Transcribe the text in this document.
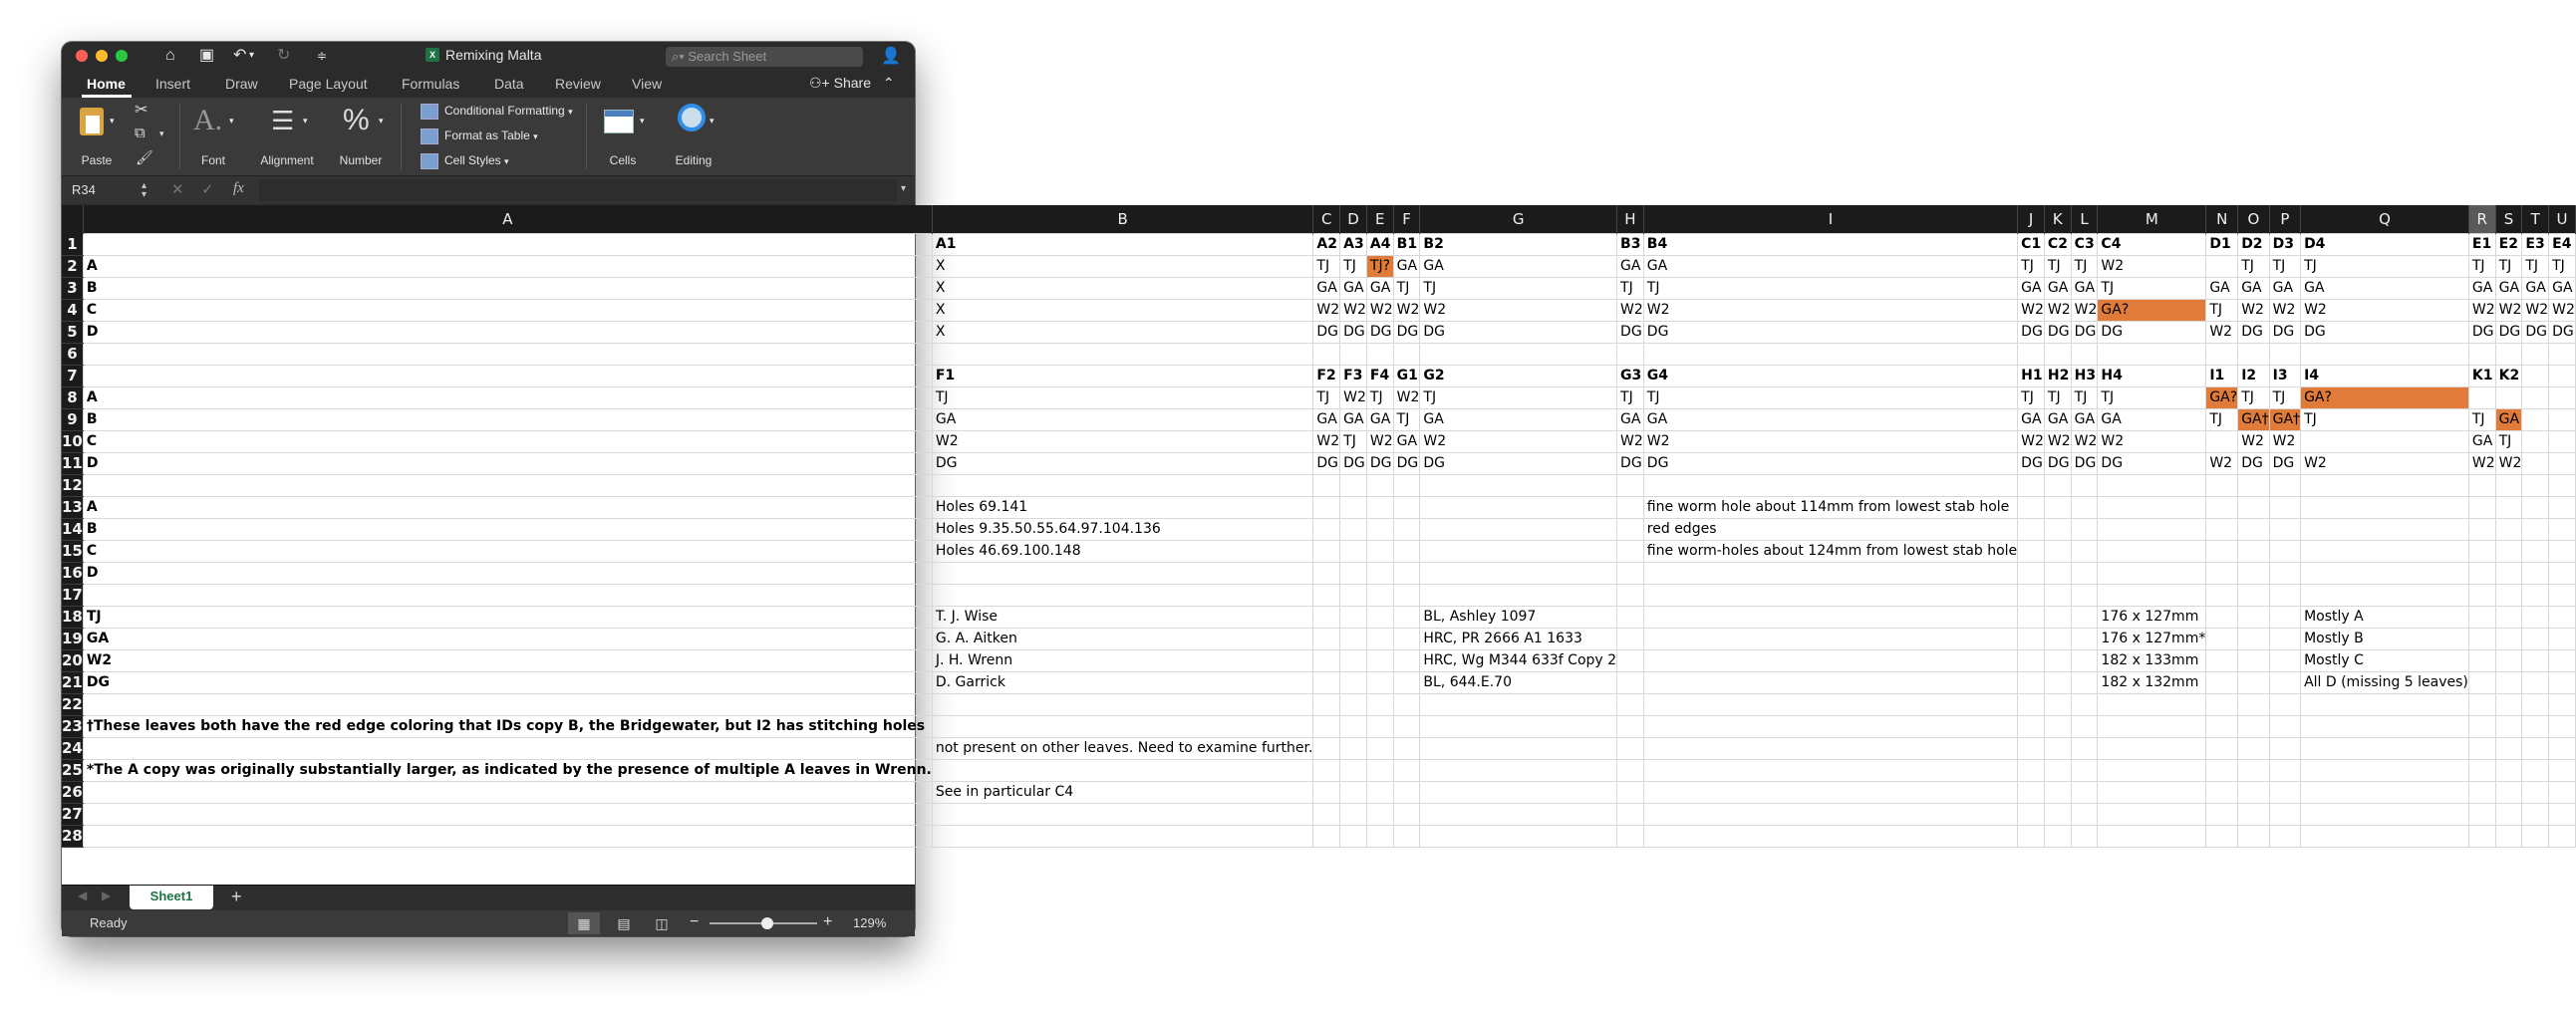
⌂ ▣ ↶ ▾ ↻ ≑	X Remixing Malta	⌕▾ Search Sheet	👤
Home Insert Draw Page Layout Formulas Data Review View	⚇+ Share ⌃
▾
Paste
✂
⧉ ▾
🖌
A. ▾
Font
☰ ▾
Alignment
% ▾
Number
Conditional Formatting ▾
Format as Table ▾
Cell Styles ▾
▾
Cells
▾
Editing
R34	▴
▾ ✕ ✓ fx	▾
	A	B	C	D	E	F	G	H	I	J	K	L	M	N	O	P	Q	R	S	T	U
1		A1	A2	A3	A4	B1	B2	B3	B4	C1	C2	C3	C4	D1	D2	D3	D4	E1	E2	E3	E4
2	A	X	TJ	TJ	TJ?	GA	GA	GA	GA	TJ	TJ	TJ	W2		TJ	TJ	TJ	TJ	TJ	TJ	TJ
3	B	X	GA	GA	GA	TJ	TJ	TJ	TJ	GA	GA	GA	TJ	GA	GA	GA	GA	GA	GA	GA	GA
4	C	X	W2	W2	W2	W2	W2	W2	W2	W2	W2	W2	GA?	TJ	W2	W2	W2	W2	W2	W2	W2
5	D	X	DG	DG	DG	DG	DG	DG	DG	DG	DG	DG	DG	W2	DG	DG	DG	DG	DG	DG	DG
6																					
7		F1	F2	F3	F4	G1	G2	G3	G4	H1	H2	H3	H4	I1	I2	I3	I4	K1	K2		
8	A	TJ	TJ	W2	TJ	W2	TJ	TJ	TJ	TJ	TJ	TJ	TJ	GA?	TJ	TJ	GA?				
9	B	GA	GA	GA	GA	TJ	GA	GA	GA	GA	GA	GA	GA	TJ	GA†	GA†	TJ	TJ	GA		
10	C	W2	W2	TJ	W2	GA	W2	W2	W2	W2	W2	W2	W2		W2	W2		GA	TJ		
11	D	DG	DG	DG	DG	DG	DG	DG	DG	DG	DG	DG	DG	W2	DG	DG	W2	W2	W2		
12																					
13	A	Holes 69.141							fine worm hole about 114mm from lowest stab hole												
14	B	Holes 9.35.50.55.64.97.104.136							red edges												
15	C	Holes 46.69.100.148							fine worm-holes about 124mm from lowest stab hole												
16	D																				
17																					
18	TJ	T. J. Wise					BL, Ashley 1097						176 x 127mm				Mostly A				
19	GA	G. A. Aitken					HRC, PR 2666 A1 1633						176 x 127mm*				Mostly B				
20	W2	J. H. Wrenn					HRC, Wg M344 633f Copy 2						182 x 133mm				Mostly C				
21	DG	D. Garrick					BL, 644.E.70						182 x 132mm				All D (missing 5 leaves)				
22																					
23	†These leaves both have the red edge coloring that IDs copy B, the Bridgewater, but I2 has stitching holes																				
24		not present on other leaves. Need to examine further.																			
25	*The A copy was originally substantially larger, as indicated by the presence of multiple A leaves in Wrenn.																				
26		See in particular C4																			
27																					
28																					
◀ ▶	Sheet1	+
Ready	▦	▤	◫	−	+ 129%
